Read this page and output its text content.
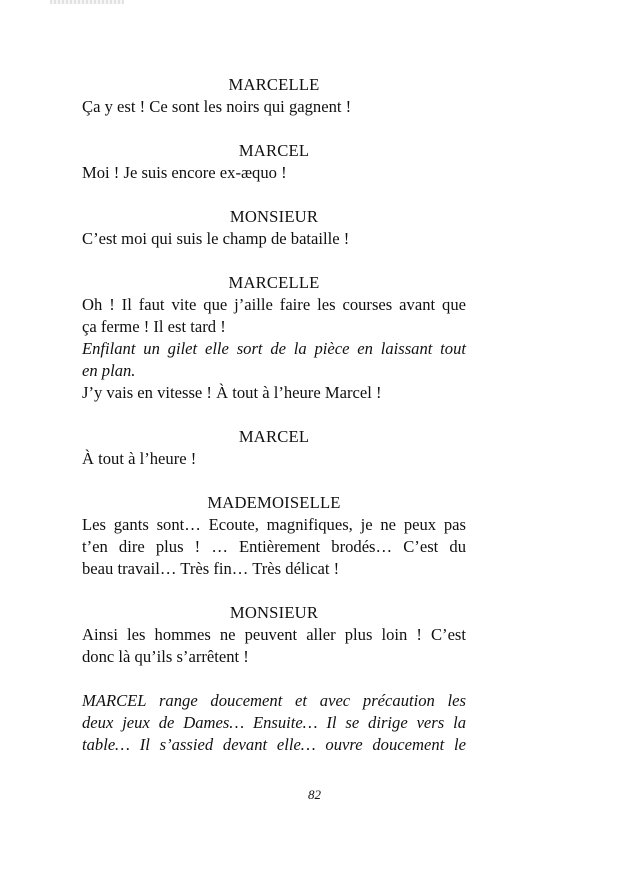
MARCELLE

Ça y est ! Ce sont les noirs qui gagnent !

MARCEL

Moi ! Je suis encore ex-æquo !

MONSIEUR

C’est moi qui suis le champ de bataille !

MARCELLE

Oh ! Il faut vite que j’aille faire les courses avant que

ça ferme ! Il est tard !

Enfilant un gilet elle sort de la pièce en laissant tout

en plan.

J’y vais en vitesse ! À tout à l’heure Marcel !

MARCEL

À tout à l’heure !

MADEMOISELLE

Les gants sont… Ecoute, magnifiques, je ne peux pas

t’en dire plus ! … Entièrement brodés… C’est du

beau travail… Très fin… Très délicat !

MONSIEUR

Ainsi les hommes ne peuvent aller plus loin ! C’est

donc là qu’ils s’arrêtent !

MARCEL range doucement et avec précaution les

deux jeux de Dames… Ensuite… Il se dirige vers la

table… Il s’assied devant elle… ouvre doucement le

82
